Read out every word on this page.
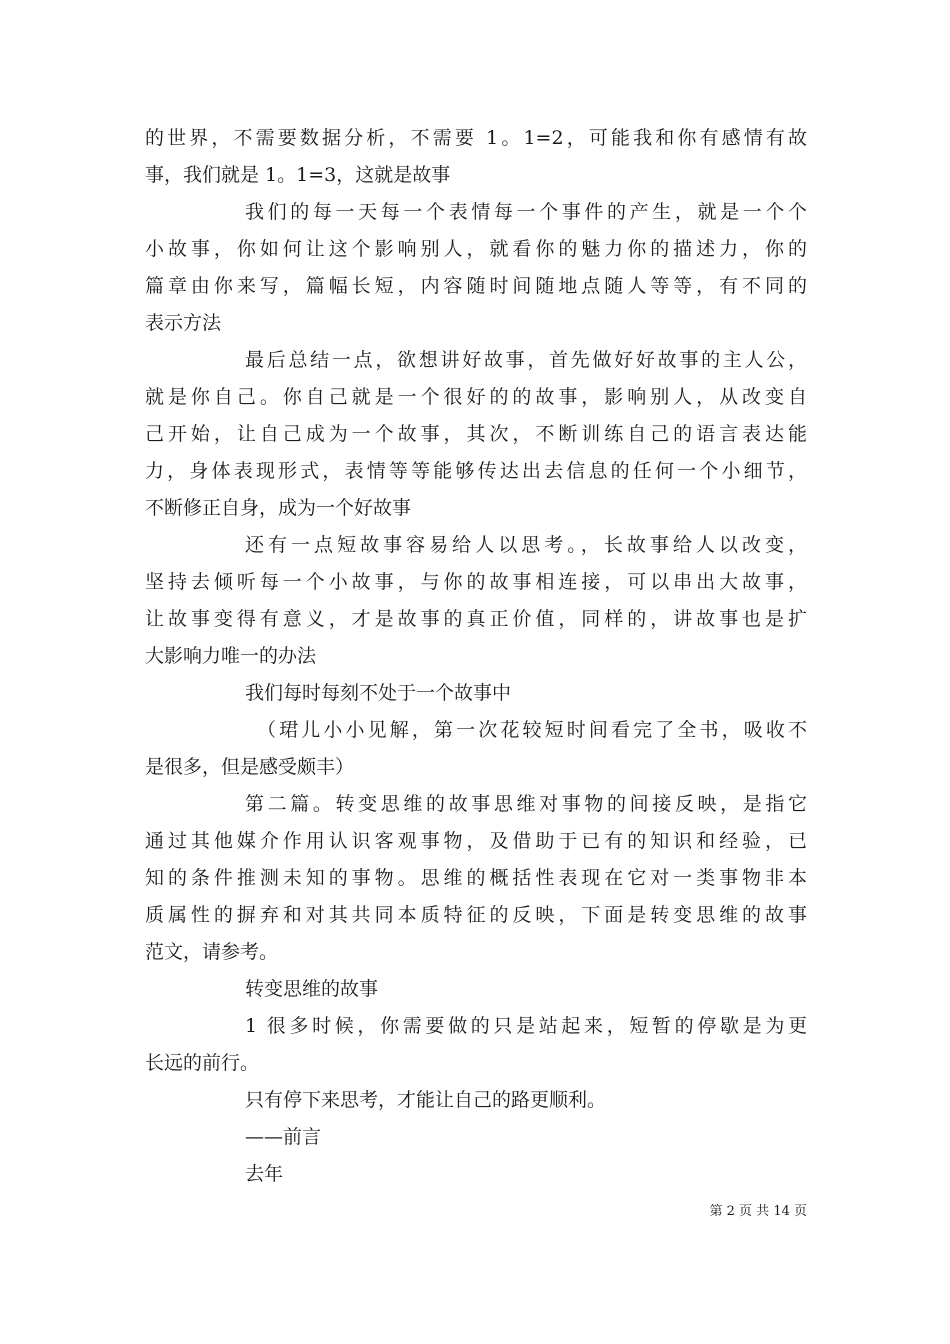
的世界，不需要数据分析，不需要 1。1=2，可能我和你有感情有故
事，我们就是 1。1=3，这就是故事
我们的每一天每一个表情每一个事件的产生，就是一个个
小故事，你如何让这个影响别人，就看你的魅力你的描述力，你的
篇章由你来写，篇幅长短，内容随时间随地点随人等等，有不同的
表示方法
最后总结一点，欲想讲好故事，首先做好好故事的主人公，
就是你自己。你自己就是一个很好的的故事，影响别人，从改变自
己开始，让自己成为一个故事，其次，不断训练自己的语言表达能
力，身体表现形式，表情等等能够传达出去信息的任何一个小细节，
不断修正自身，成为一个好故事
还有一点短故事容易给人以思考。，长故事给人以改变，
坚持去倾听每一个小故事，与你的故事相连接，可以串出大故事，
让故事变得有意义，才是故事的真正价值，同样的，讲故事也是扩
大影响力唯一的办法
我们每时每刻不处于一个故事中
（珺儿小小见解，第一次花较短时间看完了全书，吸收不
是很多，但是感受颇丰）
第二篇。转变思维的故事思维对事物的间接反映，是指它
通过其他媒介作用认识客观事物，及借助于已有的知识和经验，已
知的条件推测未知的事物。思维的概括性表现在它对一类事物非本
质属性的摒弃和对其共同本质特征的反映，下面是转变思维的故事
范文，请参考。
转变思维的故事
1 很多时候，你需要做的只是站起来，短暂的停歇是为更
长远的前行。
只有停下来思考，才能让自己的路更顺利。
——前言
去年
第 2 页 共 14 页
